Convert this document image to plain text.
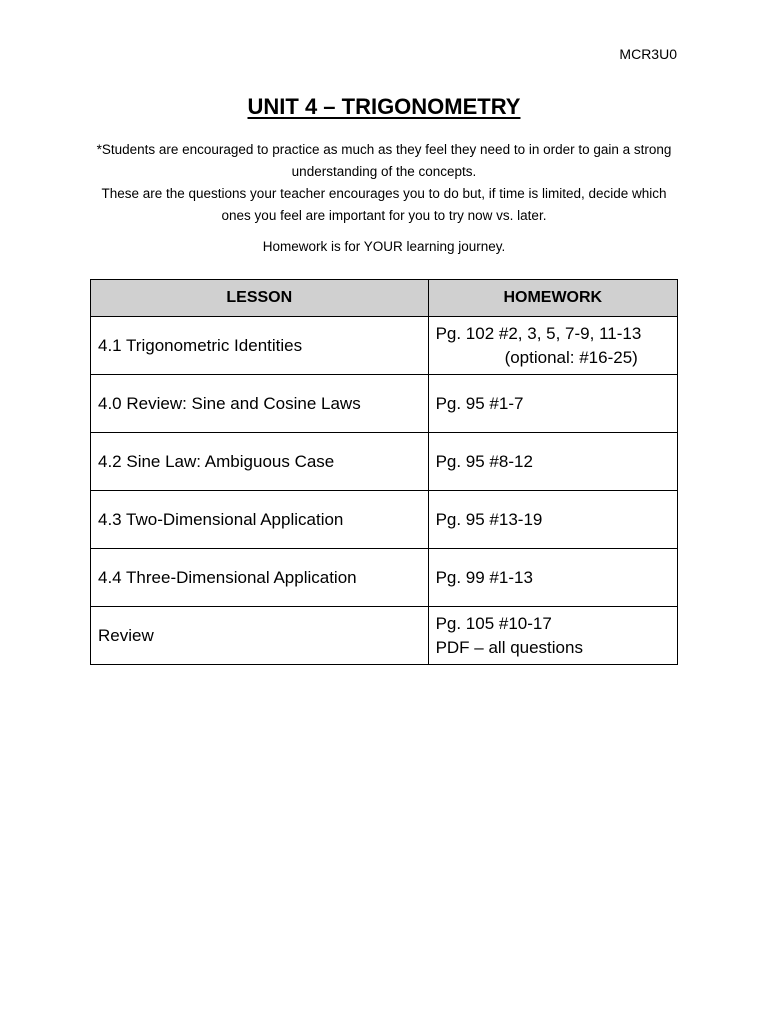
MCR3U0
UNIT 4 – TRIGONOMETRY

*Students are encouraged to practice as much as they feel they need to in order to gain a strong understanding of the concepts.

These are the questions your teacher encourages you to do but, if time is limited, decide which ones you feel are important for you to try now vs. later.

Homework is for YOUR learning journey.
LESSON	HOMEWORK
4.1 Trigonometric Identities	Pg. 102 #2, 3, 5, 7-9, 11-13
(optional: #16-25)

4.0 Review: Sine and Cosine Laws	Pg. 95 #1-7

4.2 Sine Law: Ambiguous Case	Pg. 95 #8-12

4.3 Two-Dimensional Application	Pg. 95 #13-19

4.4 Three-Dimensional Application	Pg. 99 #1-13

Review	Pg. 105 #10-17
PDF – all questions
